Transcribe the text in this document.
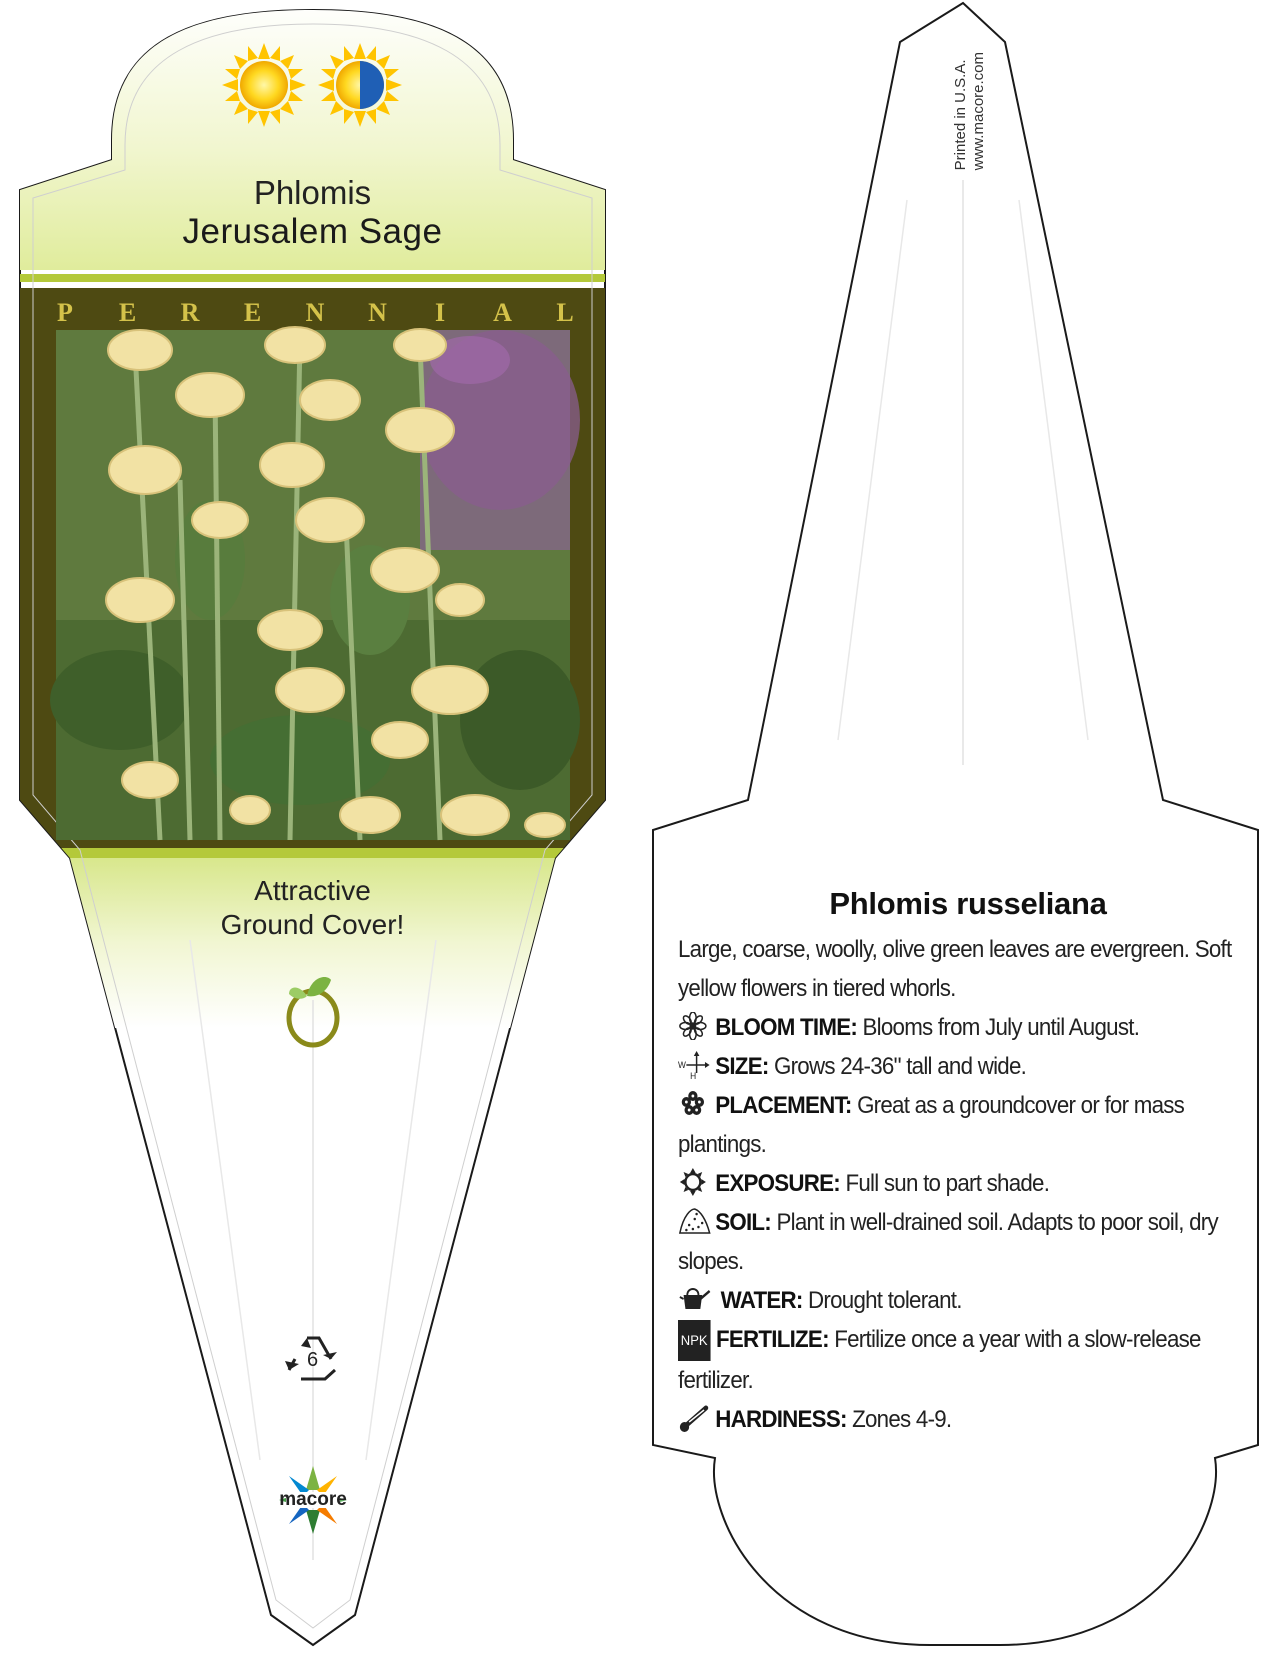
Phlomis
Jerusalem Sage
P E R E N N I A L
Attractive
Ground Cover!
6
macore
Printed in U.S.A.
www.macore.com
Phlomis russeliana

Large, coarse, woolly, olive green leaves are evergreen. Soft yellow flowers in tiered whorls.

BLOOM TIME: Blooms from July until August.

W
H SIZE: Grows 24-36" tall and wide.

PLACEMENT: Great as a groundcover or for mass plantings.

EXPOSURE: Full sun to part shade.

SOIL: Plant in well-drained soil. Adapts to poor soil, dry slopes.

WATER: Drought tolerant.

NPK FERTILIZE: Fertilize once a year with a slow-release fertilizer.

HARDINESS: Zones 4-9.
